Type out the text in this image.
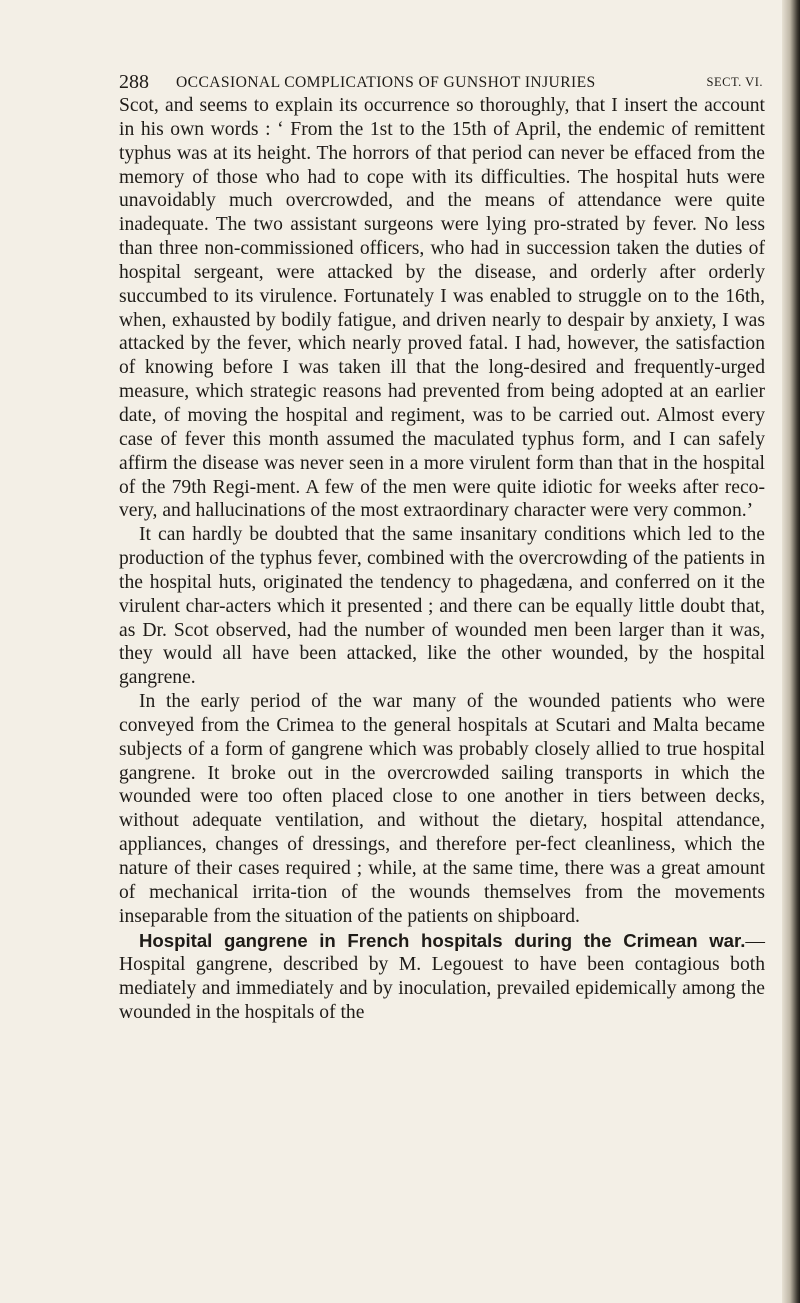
288 OCCASIONAL COMPLICATIONS OF GUNSHOT INJURIES	SECT. VI.

Scot, and seems to explain its occurrence so thoroughly, that I insert the account in his own words : ‘ From the 1st to the 15th of April, the endemic of remittent typhus was at its height. The horrors of that period can never be effaced from the memory of those who had to cope with its difficulties. The hospital huts were unavoidably much overcrowded, and the means of attendance were quite inadequate. The two assistant surgeons were lying pro-strated by fever. No less than three non-commissioned officers, who had in succession taken the duties of hospital sergeant, were attacked by the disease, and orderly after orderly succumbed to its virulence. Fortunately I was enabled to struggle on to the 16th, when, exhausted by bodily fatigue, and driven nearly to despair by anxiety, I was attacked by the fever, which nearly proved fatal. I had, however, the satisfaction of knowing before I was taken ill that the long-desired and frequently-urged measure, which strategic reasons had prevented from being adopted at an earlier date, of moving the hospital and regiment, was to be carried out. Almost every case of fever this month assumed the maculated typhus form, and I can safely affirm the disease was never seen in a more virulent form than that in the hospital of the 79th Regi-ment. A few of the men were quite idiotic for weeks after reco-very, and hallucinations of the most extraordinary character were very common.’

It can hardly be doubted that the same insanitary conditions which led to the production of the typhus fever, combined with the overcrowding of the patients in the hospital huts, originated the tendency to phagedæna, and conferred on it the virulent char-acters which it presented ; and there can be equally little doubt that, as Dr. Scot observed, had the number of wounded men been larger than it was, they would all have been attacked, like the other wounded, by the hospital gangrene.

In the early period of the war many of the wounded patients who were conveyed from the Crimea to the general hospitals at Scutari and Malta became subjects of a form of gangrene which was probably closely allied to true hospital gangrene. It broke out in the overcrowded sailing transports in which the wounded were too often placed close to one another in tiers between decks, without adequate ventilation, and without the dietary, hospital attendance, appliances, changes of dressings, and therefore per-fect cleanliness, which the nature of their cases required ; while, at the same time, there was a great amount of mechanical irrita-tion of the wounds themselves from the movements inseparable from the situation of the patients on shipboard.

Hospital gangrene in French hospitals during the Crimean war.—Hospital gangrene, described by M. Legouest to have been contagious both mediately and immediately and by inoculation, prevailed epidemically among the wounded in the hospitals of the
